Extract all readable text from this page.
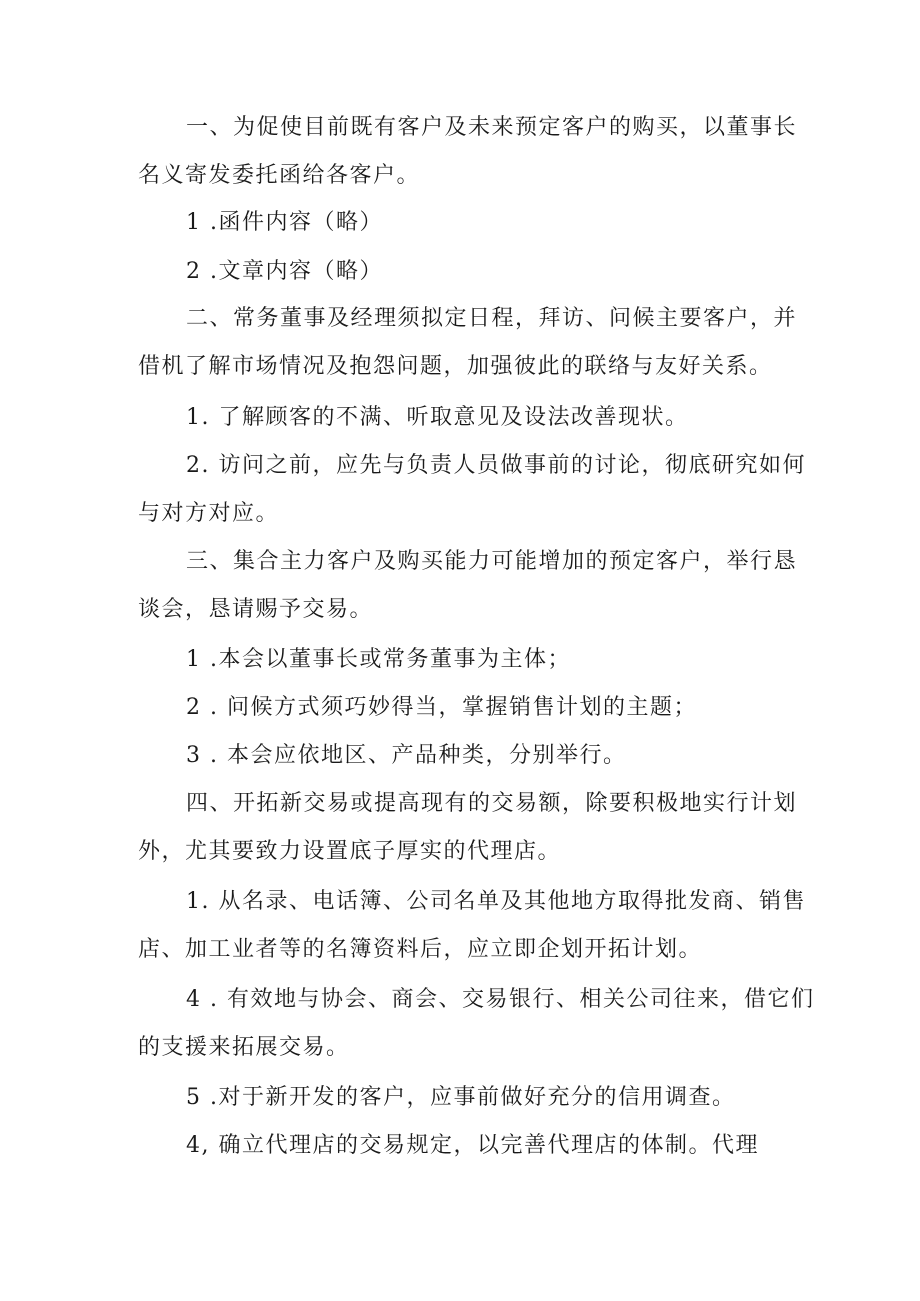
一、为促使目前既有客户及未来预定客户的购买，以董事长
名义寄发委托函给各客户。

1 .函件内容（略）

2 .文章内容（略）

二、常务董事及经理须拟定日程，拜访、问候主要客户，并
借机了解市场情况及抱怨问题，加强彼此的联络与友好关系。

1. 了解顾客的不满、听取意见及设法改善现状。

2. 访问之前，应先与负责人员做事前的讨论，彻底研究如何
与对方对应。

三、集合主力客户及购买能力可能增加的预定客户，举行恳
谈会，恳请赐予交易。

1 .本会以董事长或常务董事为主体；

2 . 问候方式须巧妙得当，掌握销售计划的主题；

3 . 本会应依地区、产品种类，分别举行。

四、开拓新交易或提高现有的交易额，除要积极地实行计划
外，尤其要致力设置底子厚实的代理店。

1. 从名录、电话簿、公司名单及其他地方取得批发商、销售
店、加工业者等的名簿资料后，应立即企划开拓计划。

4 . 有效地与协会、商会、交易银行、相关公司往来，借它们
的支援来拓展交易。

5 .对于新开发的客户，应事前做好充分的信用调查。

4, 确立代理店的交易规定，以完善代理店的体制。代理
